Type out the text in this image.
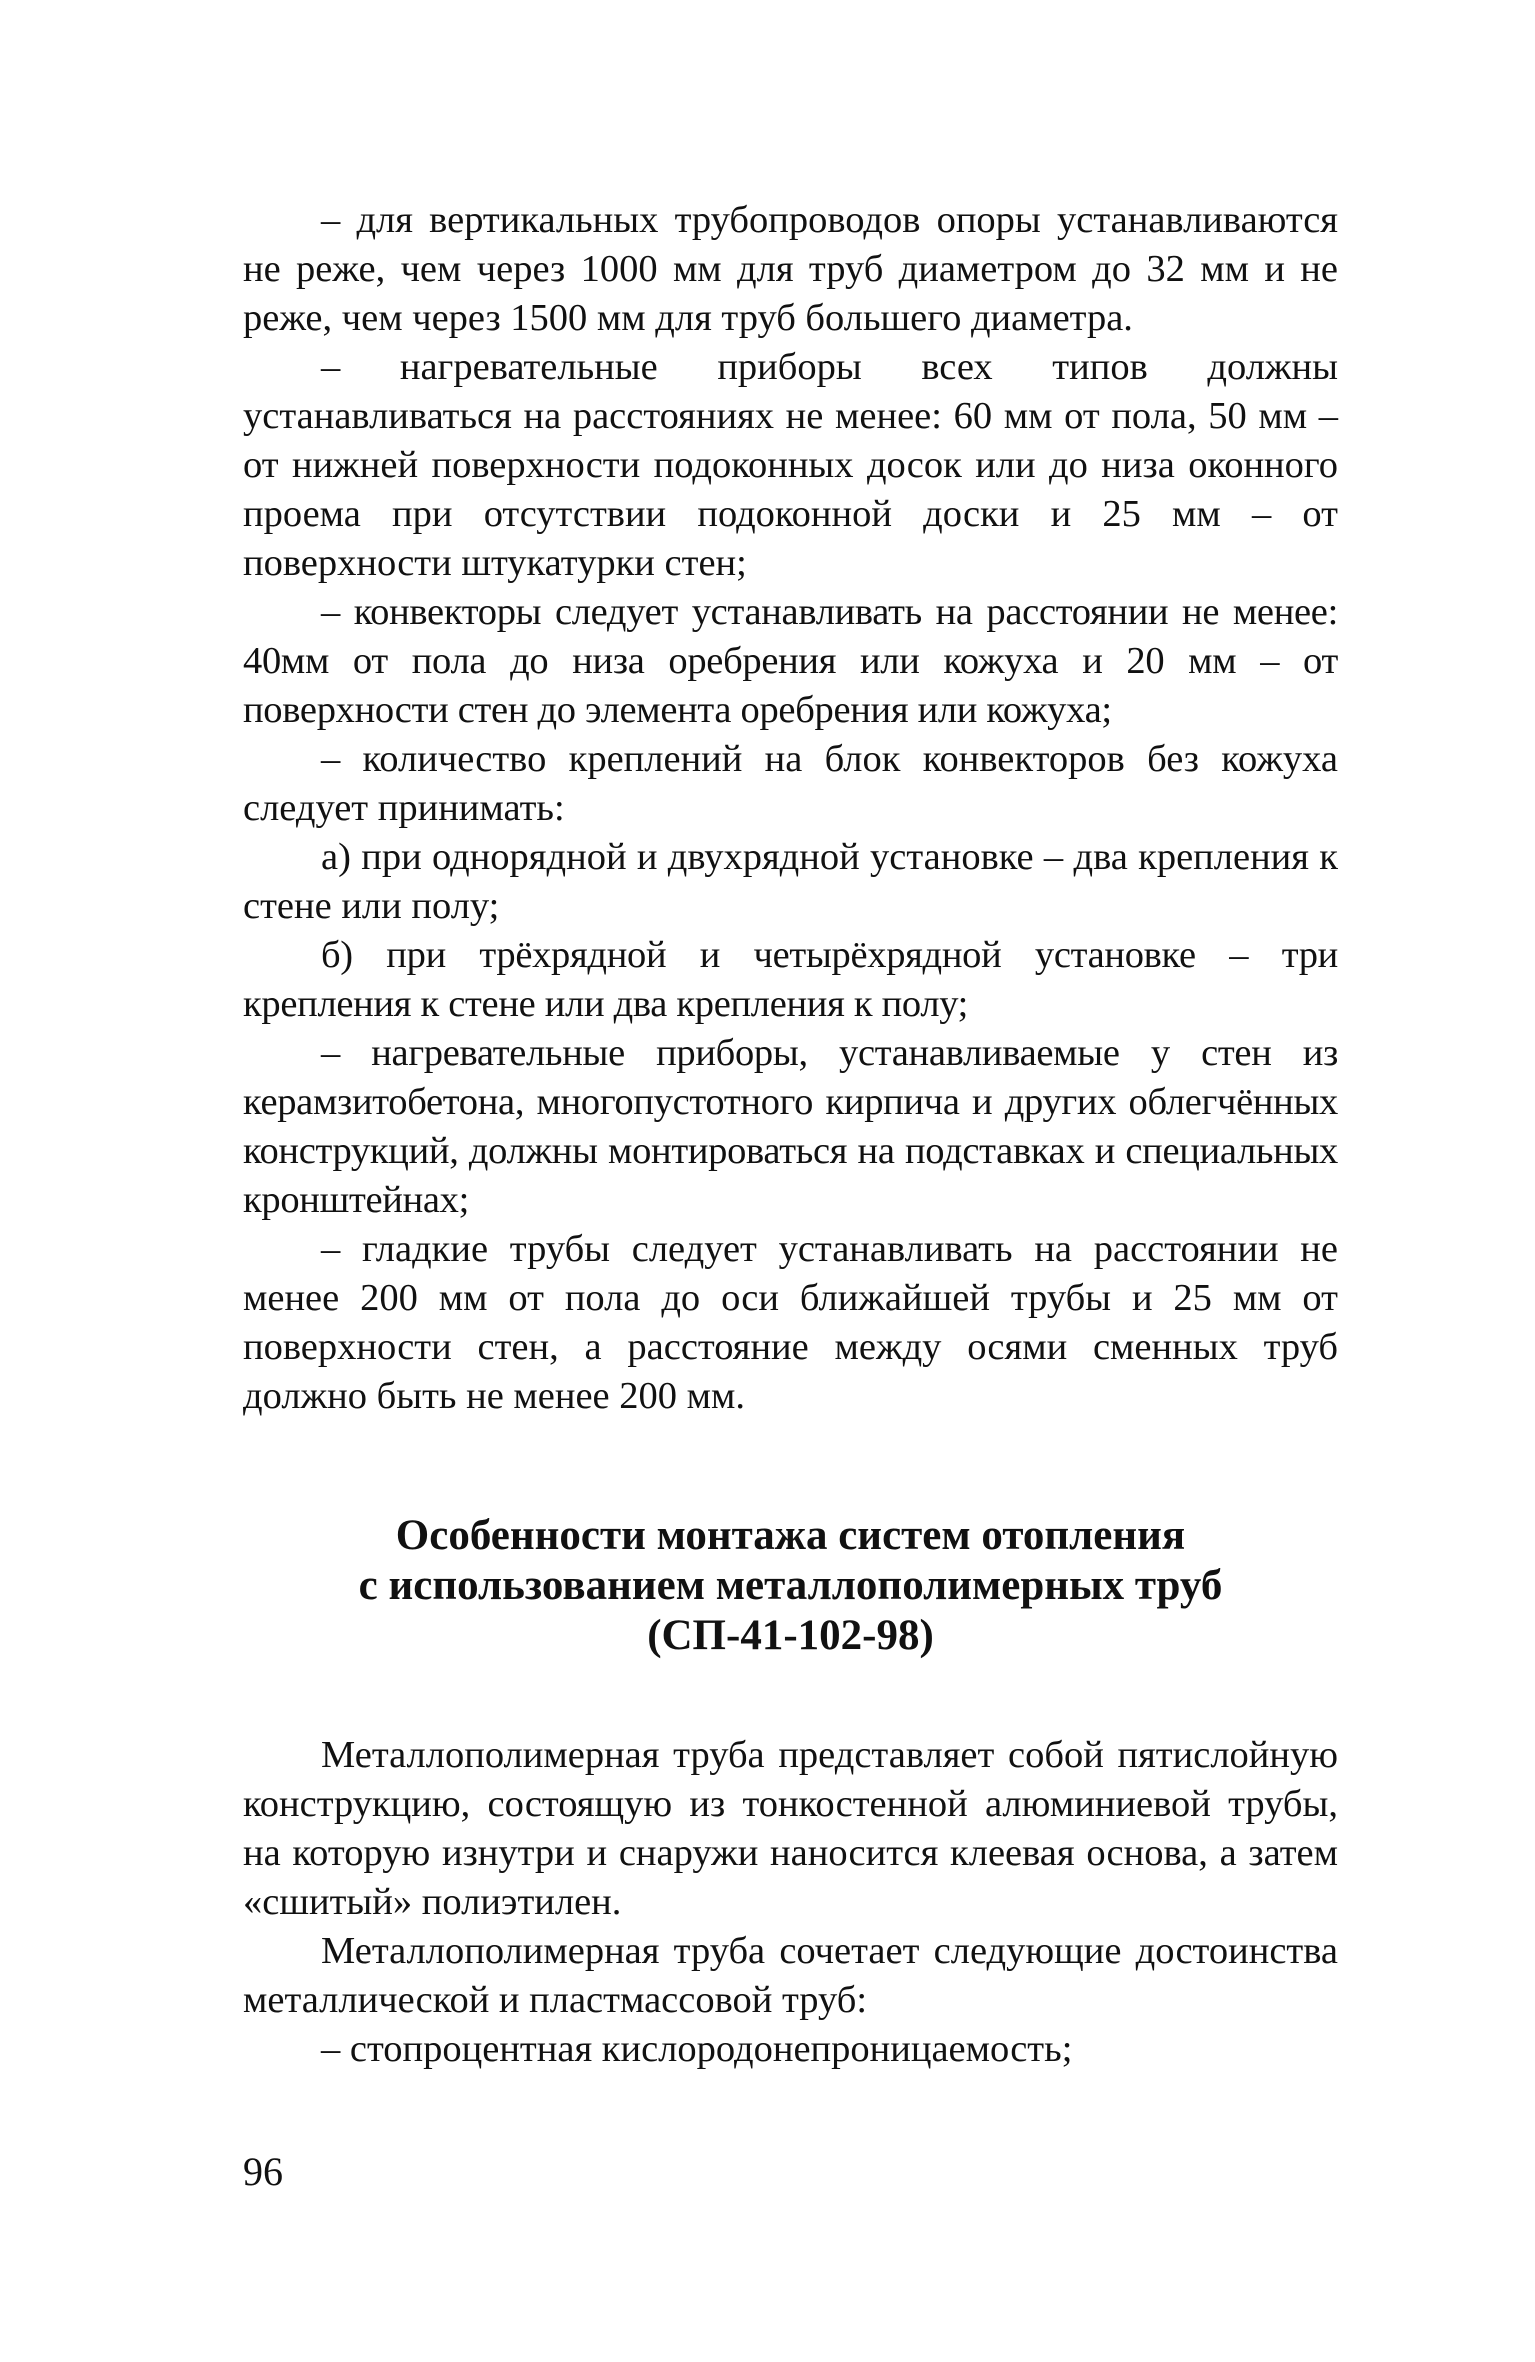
– для вертикальных трубопроводов опоры устанавливаются не реже, чем через 1000 мм для труб диаметром до 32 мм и не реже, чем через 1500 мм для труб большего диаметра.

– нагревательные приборы всех типов должны устанавливаться на расстояниях не менее: 60 мм от пола, 50 мм – от нижней поверхности подоконных досок или до низа оконного проема при отсутствии подоконной доски и 25 мм – от поверхности штукатурки стен;

– конвекторы следует устанавливать на расстоянии не менее: 40мм от пола до низа оребрения или кожуха и 20 мм – от поверхности стен до элемента оребрения или кожуха;

– количество креплений на блок конвекторов без кожуха следует принимать:

а) при однорядной и двухрядной установке – два крепления к стене или полу;

б) при трёхрядной и четырёхрядной установке – три крепления к стене или два крепления к полу;

– нагревательные приборы, устанавливаемые у стен из керамзитобетона, многопустотного кирпича и других облегчённых конструкций, должны монтироваться на подставках и специальных кронштейнах;

– гладкие трубы следует устанавливать на расстоянии не менее 200 мм от пола до оси ближайшей трубы и 25 мм от поверхности стен, а расстояние между осями сменных труб должно быть не менее 200 мм.

Особенности монтажа систем отопления

с использованием металлополимерных труб

(СП-41-102-98)

Металлополимерная труба представляет собой пятислойную конструкцию, состоящую из тонкостенной алюминиевой трубы, на которую изнутри и снаружи наносится клеевая основа, а затем «сшитый» полиэтилен.

Металлополимерная труба сочетает следующие достоинства металлической и пластмассовой труб:

– стопроцентная кислородонепроницаемость;

96
